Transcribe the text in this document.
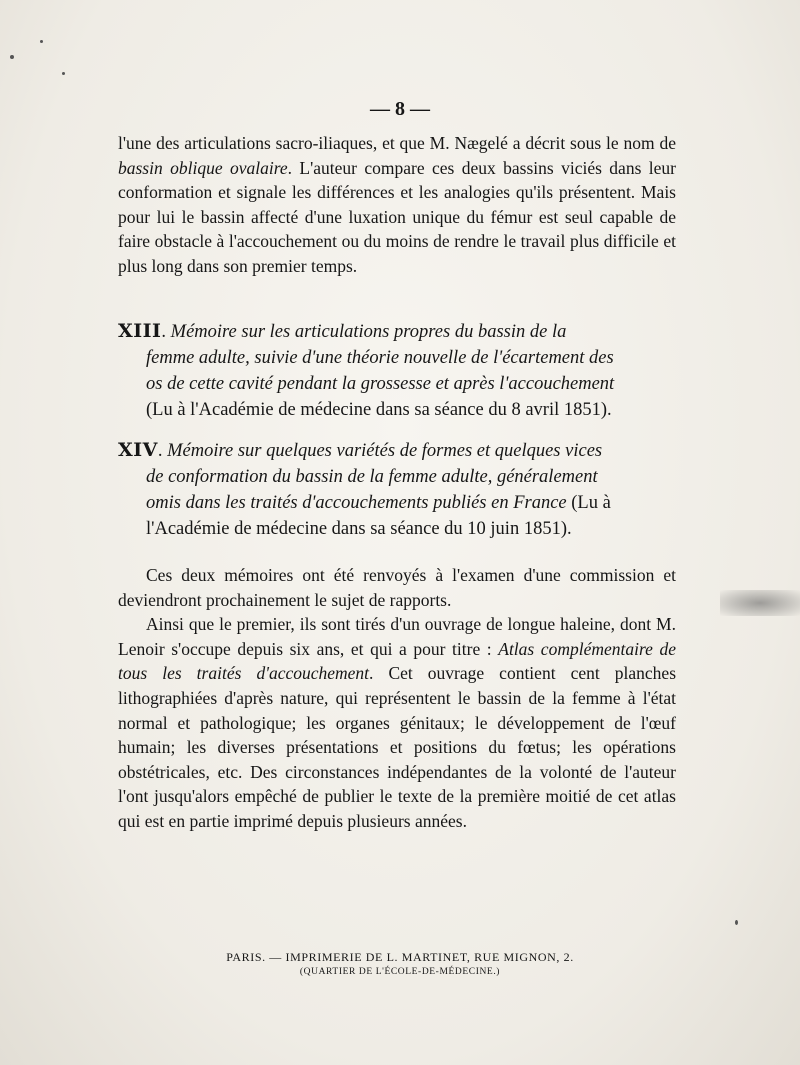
— 8 —

l'une des articulations sacro-iliaques, et que M. Nægelé a décrit sous le nom de bassin oblique ovalaire. L'auteur compare ces deux bassins viciés dans leur conformation et signale les différences et les analogies qu'ils présentent. Mais pour lui le bassin affecté d'une luxation unique du fémur est seul capable de faire obstacle à l'accouchement ou du moins de rendre le travail plus difficile et plus long dans son premier temps.

XIII. Mémoire sur les articulations propres du bassin de la
femme adulte, suivie d'une théorie nouvelle de l'écartement des
os de cette cavité pendant la grossesse et après l'accouchement
(Lu à l'Académie de médecine dans sa séance du 8 avril 1851).
XIV. Mémoire sur quelques variétés de formes et quelques vices
de conformation du bassin de la femme adulte, généralement
omis dans les traités d'accouchements publiés en France (Lu à
l'Académie de médecine dans sa séance du 10 juin 1851).

Ces deux mémoires ont été renvoyés à l'examen d'une commission et deviendront prochainement le sujet de rapports.

Ainsi que le premier, ils sont tirés d'un ouvrage de longue haleine, dont M. Lenoir s'occupe depuis six ans, et qui a pour titre : Atlas complémentaire de tous les traités d'accouchement. Cet ouvrage contient cent planches lithographiées d'après nature, qui représentent le bassin de la femme à l'état normal et pathologique; les organes génitaux; le développement de l'œuf humain; les diverses présentations et positions du fœtus; les opérations obstétricales, etc. Des circonstances indépendantes de la volonté de l'auteur l'ont jusqu'alors empêché de publier le texte de la première moitié de cet atlas qui est en partie imprimé depuis plusieurs années.

PARIS. — IMPRIMERIE DE L. MARTINET, RUE MIGNON, 2.
(QUARTIER DE L'ÉCOLE-DE-MÉDECINE.)
